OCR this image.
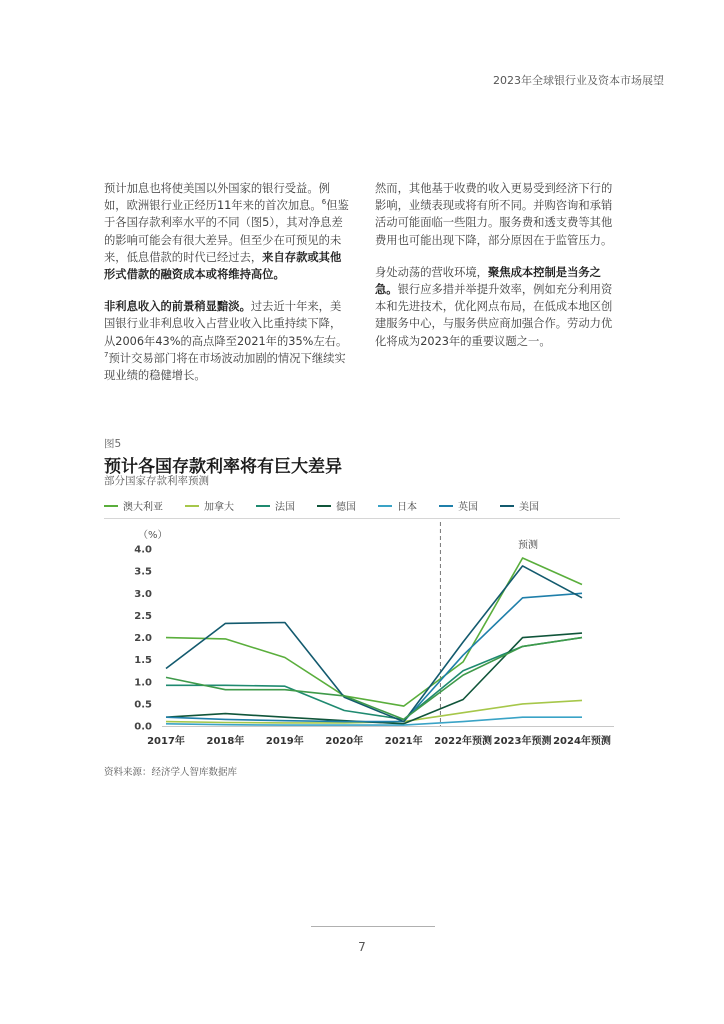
2023年全球银行业及资本市场展望

预计加息也将使美国以外国家的银行受益。例如，欧洲银行业正经历11年来的首次加息。$^6$但鉴于各国存款利率水平的不同（图5），其对净息差的影响可能会有很大差异。但至少在可预见的未来，低息借款的时代已经过去，来自存款或其他形式借款的融资成本或将维持高位。

非利息收入的前景稍显黯淡。过去近十年来，美国银行业非利息收入占营业收入比重持续下降，从2006年43%的高点降至2021年的35%左右。$^7$预计交易部门将在市场波动加剧的情况下继续实现业绩的稳健增长。

然而，其他基于收费的收入更易受到经济下行的影响，业绩表现或将有所不同。并购咨询和承销活动可能面临一些阻力。服务费和透支费等其他费用也可能出现下降，部分原因在于监管压力。

身处动荡的营收环境，聚焦成本控制是当务之急。银行应多措并举提升效率，例如充分利用资本和先进技术，优化网点布局，在低成本地区创建服务中心，与服务供应商加强合作。劳动力优化将成为2023年的重要议题之一。

图5
预计各国存款利率将有巨大差异
部分国家存款利率预测
澳大利亚	加拿大	法国	德国	日本	英国	美国
（%）
0.0
0.5
1.0
1.5
2.0
2.5
3.0
3.5
4.0	预测
2017年 2018年 2019年 2020年 2021年 2022年预测 2023年预测 2024年预测
资料来源：经济学人智库数据库
7
